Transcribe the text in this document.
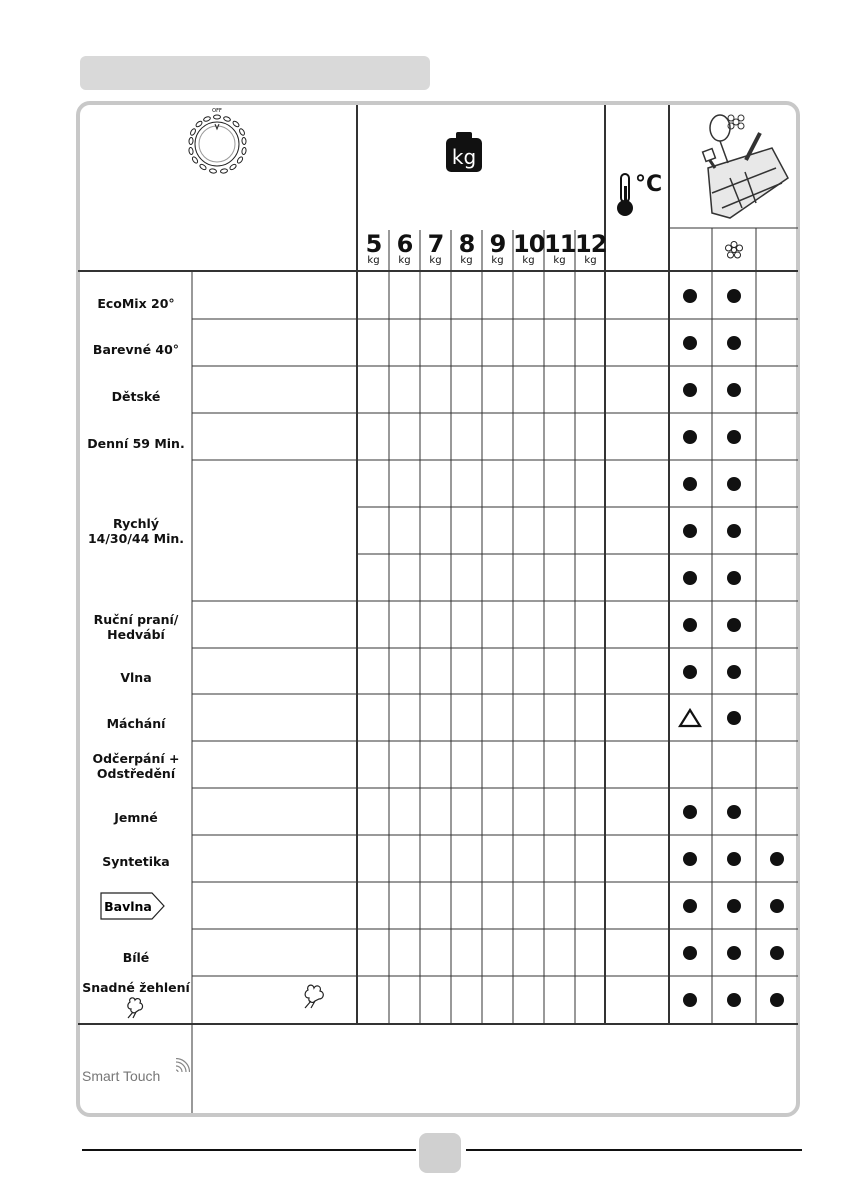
OFF
kg
5
kg
6
kg
7
kg
8
kg
9
kg
10
kg
11
kg
12
kg
°C
EcoMix 20°
Barevné 40°
Dětské
Denní 59 Min.
Rychlý
14/30/44 Min.
Ruční praní/
Hedvábí
Vlna
Máchání
Odčerpání +
Odstředění
Jemné
Syntetika
Bavlna
Bílé
Snadné žehlení
Smart Touch
